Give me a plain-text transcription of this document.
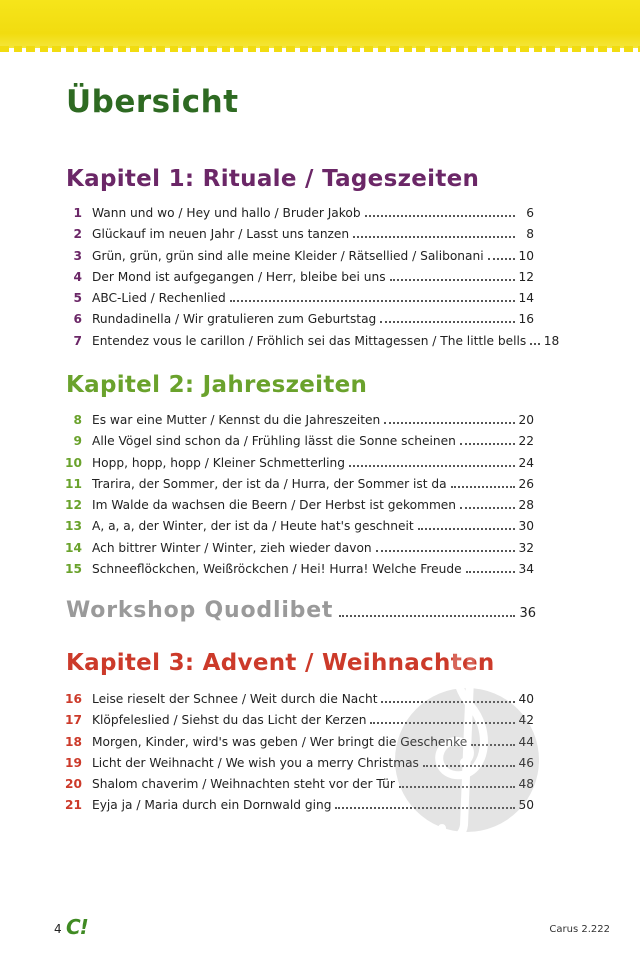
Übersicht
Kapitel 1: Rituale / Tageszeiten
1 Wann und wo / Hey und hallo / Bruder Jakob	6
2 Glückauf im neuen Jahr / Lasst uns tanzen	8
3 Grün, grün, grün sind alle meine Kleider / Rätsellied / Salibonani	10
4 Der Mond ist aufgegangen / Herr, bleibe bei uns	12
5 ABC-Lied / Rechenlied	14
6 Rundadinella / Wir gratulieren zum Geburtstag	16
7 Entendez vous le carillon / Fröhlich sei das Mittagessen / The little bells 18
Kapitel 2: Jahreszeiten
8 Es war eine Mutter / Kennst du die Jahreszeiten	20
9 Alle Vögel sind schon da / Frühling lässt die Sonne scheinen	22
10 Hopp, hopp, hopp / Kleiner Schmetterling	24
11 Trarira, der Sommer, der ist da / Hurra, der Sommer ist da	26
12 Im Walde da wachsen die Beern / Der Herbst ist gekommen	28
13 A, a, a, der Winter, der ist da / Heute hat's geschneit	30
14 Ach bittrer Winter / Winter, zieh wieder davon	32
15 Schneeflöckchen, Weißröckchen / Hei! Hurra! Welche Freude	34
Workshop Quodlibet	36
Kapitel 3: Advent / Weihnachten
16 Leise rieselt der Schnee / Weit durch die Nacht	40
17 Klöpfeleslied / Siehst du das Licht der Kerzen	42
18 Morgen, Kinder, wird's was geben / Wer bringt die Geschenke	44
19 Licht der Weihnacht / We wish you a merry Christmas	46
20 Shalom chaverim / Weihnachten steht vor der Tür	48
21 Eyja ja / Maria durch ein Dornwald ging	50
4 C!	Carus 2.222
